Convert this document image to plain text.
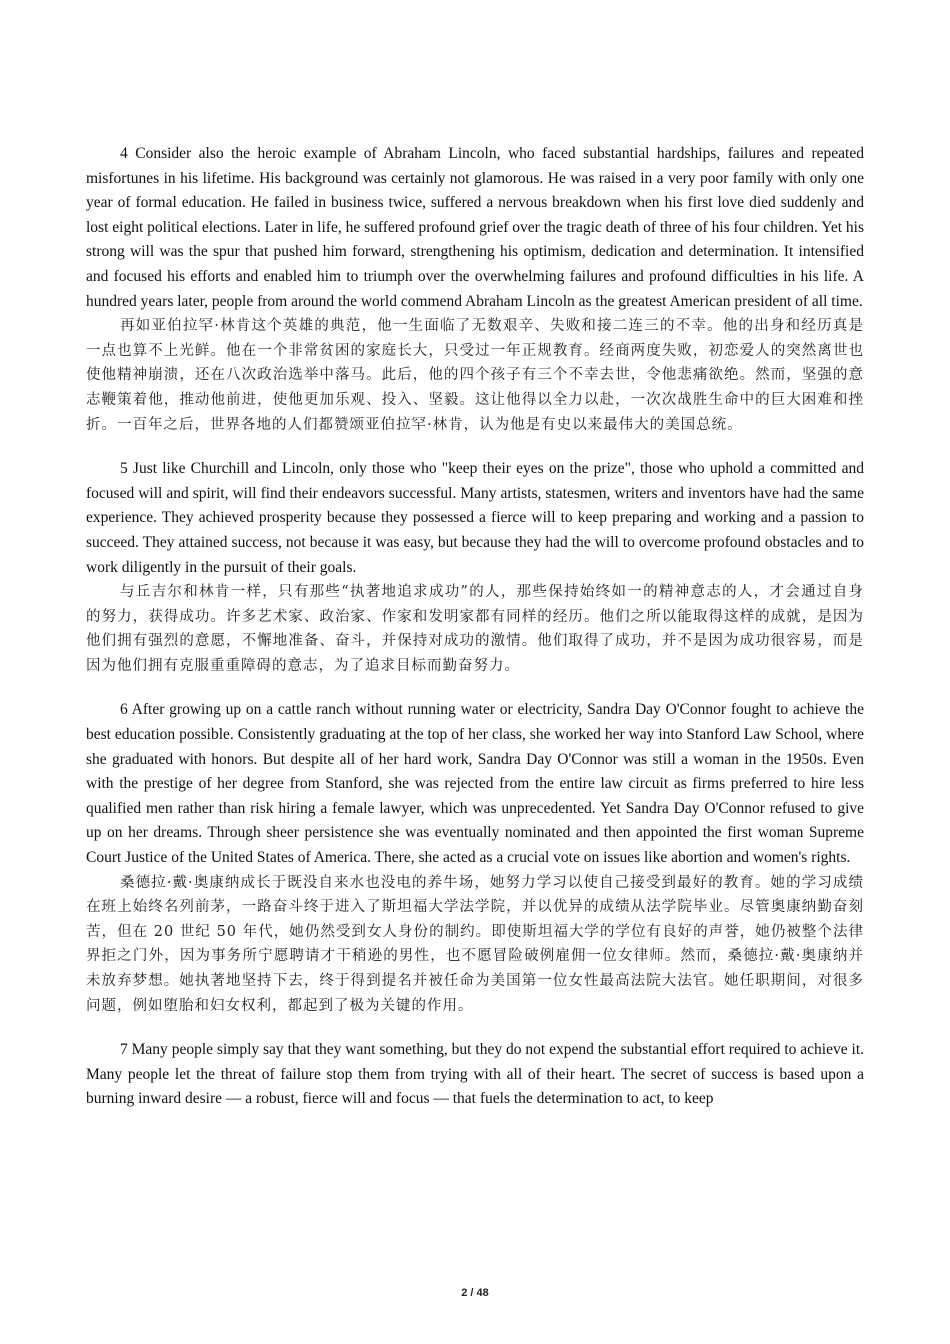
4 Consider also the heroic example of Abraham Lincoln, who faced substantial hardships, failures and repeated misfortunes in his lifetime. His background was certainly not glamorous. He was raised in a very poor family with only one year of formal education. He failed in business twice, suffered a nervous breakdown when his first love died suddenly and lost eight political elections. Later in life, he suffered profound grief over the tragic death of three of his four children. Yet his strong will was the spur that pushed him forward, strengthening his optimism, dedication and determination. It intensified and focused his efforts and enabled him to triumph over the overwhelming failures and profound difficulties in his life. A hundred years later, people from around the world commend Abraham Lincoln as the greatest American president of all time.

再如亚伯拉罕·林肯这个英雄的典范，他一生面临了无数艰辛、失败和接二连三的不幸。他的出身和经历真是一点也算不上光鲜。他在一个非常贫困的家庭长大，只受过一年正规教育。经商两度失败，初恋爱人的突然离世也使他精神崩溃，还在八次政治选举中落马。此后，他的四个孩子有三个不幸去世，令他悲痛欲绝。然而，坚强的意志鞭策着他，推动他前进，使他更加乐观、投入、坚毅。这让他得以全力以赴，一次次战胜生命中的巨大困难和挫折。一百年之后，世界各地的人们都赞颂亚伯拉罕·林肯，认为他是有史以来最伟大的美国总统。

5 Just like Churchill and Lincoln, only those who "keep their eyes on the prize", those who uphold a committed and focused will and spirit, will find their endeavors successful. Many artists, statesmen, writers and inventors have had the same experience. They achieved prosperity because they possessed a fierce will to keep preparing and working and a passion to succeed. They attained success, not because it was easy, but because they had the will to overcome profound obstacles and to work diligently in the pursuit of their goals.

与丘吉尔和林肯一样，只有那些“执著地追求成功”的人，那些保持始终如一的精神意志的人，才会通过自身的努力，获得成功。许多艺术家、政治家、作家和发明家都有同样的经历。他们之所以能取得这样的成就，是因为他们拥有强烈的意愿，不懈地准备、奋斗，并保持对成功的激情。他们取得了成功，并不是因为成功很容易，而是因为他们拥有克服重重障碍的意志，为了追求目标而勤奋努力。

6 After growing up on a cattle ranch without running water or electricity, Sandra Day O'Connor fought to achieve the best education possible. Consistently graduating at the top of her class, she worked her way into Stanford Law School, where she graduated with honors. But despite all of her hard work, Sandra Day O'Connor was still a woman in the 1950s. Even with the prestige of her degree from Stanford, she was rejected from the entire law circuit as firms preferred to hire less qualified men rather than risk hiring a female lawyer, which was unprecedented. Yet Sandra Day O'Connor refused to give up on her dreams. Through sheer persistence she was eventually nominated and then appointed the first woman Supreme Court Justice of the United States of America. There, she acted as a crucial vote on issues like abortion and women's rights.

桑德拉·戴·奥康纳成长于既没自来水也没电的养牛场，她努力学习以使自己接受到最好的教育。她的学习成绩在班上始终名列前茅，一路奋斗终于进入了斯坦福大学法学院，并以优异的成绩从法学院毕业。尽管奥康纳勤奋刻苦，但在 20 世纪 50 年代，她仍然受到女人身份的制约。即使斯坦福大学的学位有良好的声誉，她仍被整个法律界拒之门外，因为事务所宁愿聘请才干稍逊的男性，也不愿冒险破例雇佣一位女律师。然而，桑德拉·戴·奥康纳并未放弃梦想。她执著地坚持下去，终于得到提名并被任命为美国第一位女性最高法院大法官。她任职期间，对很多问题，例如堕胎和妇女权利，都起到了极为关键的作用。

7 Many people simply say that they want something, but they do not expend the substantial effort required to achieve it. Many people let the threat of failure stop them from trying with all of their heart. The secret of success is based upon a burning inward desire — a robust, fierce will and focus — that fuels the determination to act, to keep

2 / 48
